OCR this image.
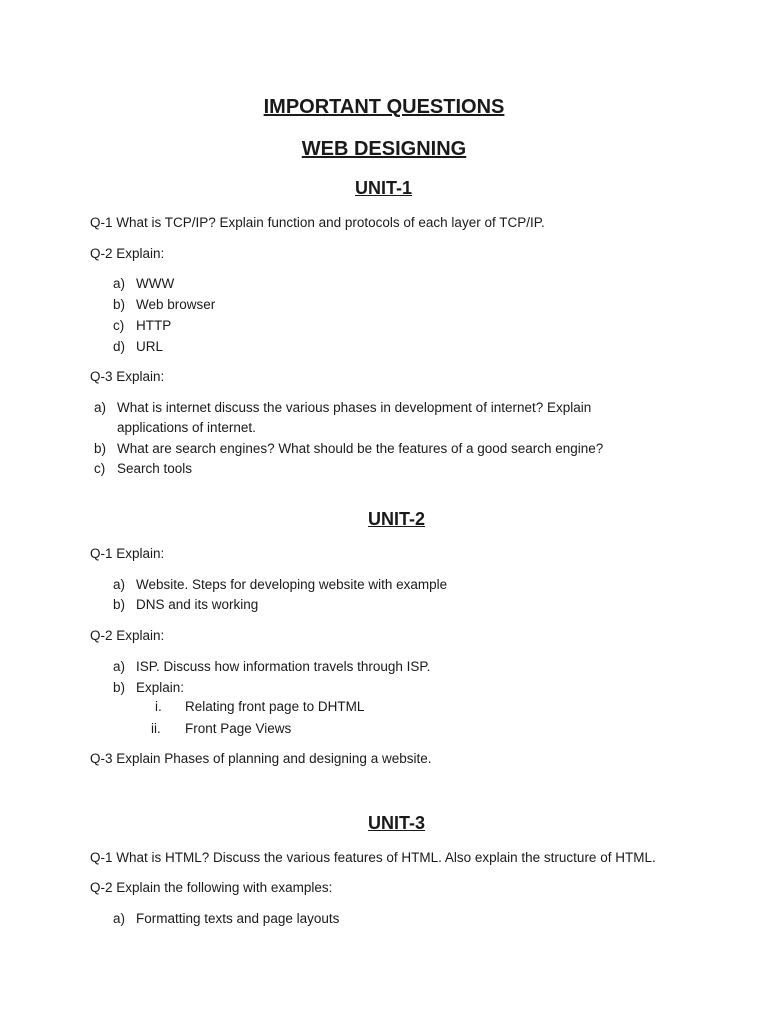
IMPORTANT QUESTIONS
WEB DESIGNING
UNIT-1
Q-1 What is TCP/IP? Explain function and protocols of each layer of TCP/IP.
Q-2 Explain:
a) WWW
b) Web browser
c) HTTP
d) URL
Q-3 Explain:
a) What is internet discuss the various phases in development of internet? Explain
applications of internet.
b) What are search engines? What should be the features of a good search engine?
c) Search tools
UNIT-2
Q-1 Explain:
a) Website. Steps for developing website with example
b) DNS and its working
Q-2 Explain:
a) ISP. Discuss how information travels through ISP.
b) Explain:
i. Relating front page to DHTML
ii. Front Page Views
Q-3 Explain Phases of planning and designing a website.
UNIT-3
Q-1 What is HTML? Discuss the various features of HTML. Also explain the structure of HTML.
Q-2 Explain the following with examples:
a) Formatting texts and page layouts
